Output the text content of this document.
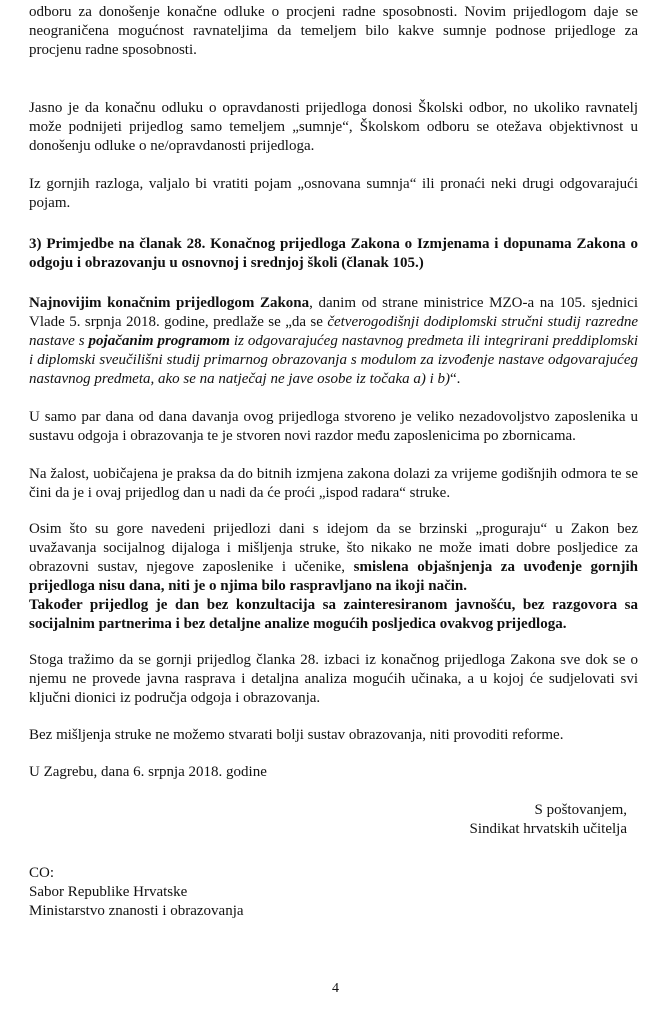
odboru za donošenje konačne odluke o procjeni radne sposobnosti. Novim prijedlogom daje se neograničena mogućnost ravnateljima da temeljem bilo kakve sumnje podnose prijedloge za procjenu radne sposobnosti.

Jasno je da konačnu odluku o opravdanosti prijedloga donosi Školski odbor, no ukoliko ravnatelj može podnijeti prijedlog samo temeljem „sumnje“, Školskom odboru se otežava objektivnost u donošenju odluke o ne/opravdanosti prijedloga.

Iz gornjih razloga, valjalo bi vratiti pojam „osnovana sumnja“ ili pronaći neki drugi odgovarajući pojam.

3) Primjedbe na članak 28. Konačnog prijedloga Zakona o Izmjenama i dopunama Zakona o odgoju i obrazovanju u osnovnoj i srednjoj školi (članak 105.)

Najnovijim konačnim prijedlogom Zakona, danim od strane ministrice MZO-a na 105. sjednici Vlade 5. srpnja 2018. godine, predlaže se „da se četverogodišnji dodiplomski stručni studij razredne nastave s pojačanim programom iz odgovarajućeg nastavnog predmeta ili integrirani preddiplomski i diplomski sveučilišni studij primarnog obrazovanja s modulom za izvođenje nastave odgovarajućeg nastavnog predmeta, ako se na natječaj ne jave osobe iz točaka a) i b)“.

U samo par dana od dana davanja ovog prijedloga stvoreno je veliko nezadovoljstvo zaposlenika u sustavu odgoja i obrazovanja te je stvoren novi razdor među zaposlenicima po zbornicama.

Na žalost, uobičajena je praksa da do bitnih izmjena zakona dolazi za vrijeme godišnjih odmora te se čini da je i ovaj prijedlog dan u nadi da će proći „ispod radara“ struke.

Osim što su gore navedeni prijedlozi dani s idejom da se brzinski „proguraju“ u Zakon bez uvažavanja socijalnog dijaloga i mišljenja struke, što nikako ne može imati dobre posljedice za obrazovni sustav, njegove zaposlenike i učenike, smislena objašnjenja za uvođenje gornjih prijedloga nisu dana, niti je o njima bilo raspravljano na ikoji način.

Također prijedlog je dan bez konzultacija sa zainteresiranom javnošću, bez razgovora sa socijalnim partnerima i bez detaljne analize mogućih posljedica ovakvog prijedloga.

Stoga tražimo da se gornji prijedlog članka 28. izbaci iz konačnog prijedloga Zakona sve dok se o njemu ne provede javna rasprava i detaljna analiza mogućih učinaka, a u kojoj će sudjelovati svi ključni dionici iz područja odgoja i obrazovanja.

Bez mišljenja struke ne možemo stvarati bolji sustav obrazovanja, niti provoditi reforme.

U Zagrebu, dana 6. srpnja 2018. godine

S poštovanjem,
Sindikat hrvatskih učitelja
CO:
Sabor Republike Hrvatske
Ministarstvo znanosti i obrazovanja
4
